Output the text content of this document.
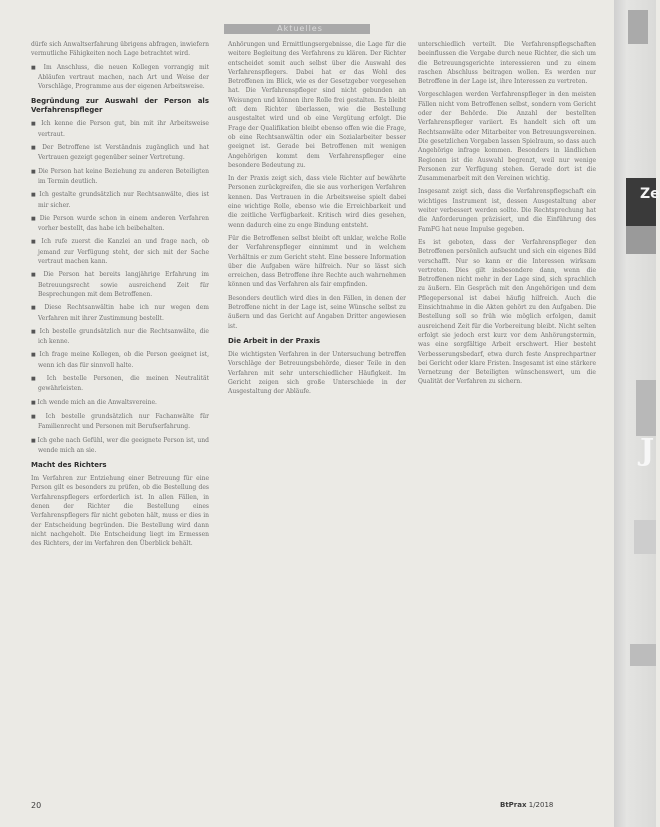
Aktuelles

dürfe sich Anwaltserfahrung übrigens abfragen, inwiefern vermutliche Fähigkeiten noch Lage betrachtet wird.

■ Im Anschluss, die neuen Kollegen vorrangig mit Abläufen vertraut machen, nach Art und Weise der Vorschläge, Programme aus der eigenen Arbeitsweise.

Begründung zur Auswahl der Person als Verfahrenspfleger

■ Ich kenne die Person gut, bin mit ihr Arbeitsweise vertraut.

■ Der Betroffene ist Verständnis zugänglich und hat Vertrauen gezeigt gegenüber seiner Vertretung.

■ Die Person hat keine Beziehung zu anderen Beteiligten im Termin deutlich.

■ Ich gestalte grundsätzlich nur Rechtsanwälte, dies ist mir sicher.

■ Die Person wurde schon in einem anderen Verfahren vorher bestellt, das habe ich beibehalten.

■ Ich rufe zuerst die Kanzlei an und frage nach, ob jemand zur Verfügung steht, der sich mit der Sache vertraut machen kann.

■ Die Person hat bereits langjährige Erfahrung im Betreuungsrecht sowie ausreichend Zeit für Besprechungen mit dem Betroffenen.

■ Diese Rechtsanwältin habe ich nur wegen dem Verfahren mit ihrer Zustimmung bestellt.

■ Ich bestelle grundsätzlich nur die Rechtsanwälte, die ich kenne.

■ Ich frage meine Kollegen, ob die Person geeignet ist, wenn ich das für sinnvoll halte.

■ Ich bestelle Personen, die meinen Neutralität gewährleisten.

■ Ich wende mich an die Anwaltsvereine.

■ Ich bestelle grundsätzlich nur Fachanwälte für Familienrecht und Personen mit Berufserfahrung.

■ Ich gehe nach Gefühl, wer die geeignete Person ist, und wende mich an sie.

Macht des Richters

Im Verfahren zur Entziehung einer Betreuung für eine Person gilt es besonders zu prüfen, ob die Bestellung des Verfahrenspflegers erforderlich ist. In allen Fällen, in denen der Richter die Bestellung eines Verfahrenspflegers für nicht geboten hält, muss er dies in der Entscheidung begründen. Die Bestellung wird dann nicht nachgeholt. Die Entscheidung liegt im Ermessen des Richters, der im Verfahren den Überblick behält.

Anhörungen und Ermittlungsergebnisse, die Lage für die weitere Begleitung des Verfahrens zu klären. Der Richter entscheidet somit auch selbst über die Auswahl des Verfahrenspflegers. Dabei hat er das Wohl des Betroffenen im Blick, wie es der Gesetzgeber vorgesehen hat. Die Verfahrenspfleger sind nicht gebunden an Weisungen und können ihre Rolle frei gestalten. Es bleibt oft dem Richter überlassen, wie die Bestellung ausgestaltet wird und ob eine Vergütung erfolgt. Die Frage der Qualifikation bleibt ebenso offen wie die Frage, ob eine Rechtsanwältin oder ein Sozialarbeiter besser geeignet ist. Gerade bei Betroffenen mit wenigen Angehörigen kommt dem Verfahrenspfleger eine besondere Bedeutung zu.

In der Praxis zeigt sich, dass viele Richter auf bewährte Personen zurückgreifen, die sie aus vorherigen Verfahren kennen. Das Vertrauen in die Arbeitsweise spielt dabei eine wichtige Rolle, ebenso wie die Erreichbarkeit und die zeitliche Verfügbarkeit. Kritisch wird dies gesehen, wenn dadurch eine zu enge Bindung entsteht.

Für die Betroffenen selbst bleibt oft unklar, welche Rolle der Verfahrenspfleger einnimmt und in welchem Verhältnis er zum Gericht steht. Eine bessere Information über die Aufgaben wäre hilfreich. Nur so lässt sich erreichen, dass Betroffene ihre Rechte auch wahrnehmen können und das Verfahren als fair empfinden.

Besonders deutlich wird dies in den Fällen, in denen der Betroffene nicht in der Lage ist, seine Wünsche selbst zu äußern und das Gericht auf Angaben Dritter angewiesen ist.

Die Arbeit in der Praxis

Die wichtigsten Verfahren in der Untersuchung betreffen Vorschläge der Betreuungsbehörde, dieser Teile in den Verfahren mit sehr unterschiedlicher Häufigkeit. Im Gericht zeigen sich große Unterschiede in der Ausgestaltung der Abläufe.

unterschiedlich verteilt. Die Verfahrenspflegschaften beeinflussen die Vergabe durch neue Richter, die sich um die Betreuungsgerichte interessieren und zu einem raschen Abschluss beitragen wollen. Es werden nur Betroffene in der Lage ist, ihre Interessen zu vertreten.

Vorgeschlagen werden Verfahrenspfleger in den meisten Fällen nicht vom Betroffenen selbst, sondern vom Gericht oder der Behörde. Die Anzahl der bestellten Verfahrenspfleger variiert. Es handelt sich oft um Rechtsanwälte oder Mitarbeiter von Betreuungsvereinen. Die gesetzlichen Vorgaben lassen Spielraum, so dass auch Angehörige infrage kommen. Besonders in ländlichen Regionen ist die Auswahl begrenzt, weil nur wenige Personen zur Verfügung stehen. Gerade dort ist die Zusammenarbeit mit den Vereinen wichtig.

Insgesamt zeigt sich, dass die Verfahrenspflegschaft ein wichtiges Instrument ist, dessen Ausgestaltung aber weiter verbessert werden sollte. Die Rechtsprechung hat die Anforderungen präzisiert, und die Einführung des FamFG hat neue Impulse gegeben.

Es ist geboten, dass der Verfahrenspfleger den Betroffenen persönlich aufsucht und sich ein eigenes Bild verschafft. Nur so kann er die Interessen wirksam vertreten. Dies gilt insbesondere dann, wenn die Betroffenen nicht mehr in der Lage sind, sich sprachlich zu äußern. Ein Gespräch mit den Angehörigen und dem Pflegepersonal ist dabei häufig hilfreich. Auch die Einsichtnahme in die Akten gehört zu den Aufgaben. Die Bestellung soll so früh wie möglich erfolgen, damit ausreichend Zeit für die Vorbereitung bleibt. Nicht selten erfolgt sie jedoch erst kurz vor dem Anhörungstermin, was eine sorgfältige Arbeit erschwert. Hier besteht Verbesserungsbedarf, etwa durch feste Ansprechpartner bei Gericht oder klare Fristen. Insgesamt ist eine stärkere Vernetzung der Beteiligten wünschenswert, um die Qualität der Verfahren zu sichern.

Ze
J
20	BtPrax 1/2018
